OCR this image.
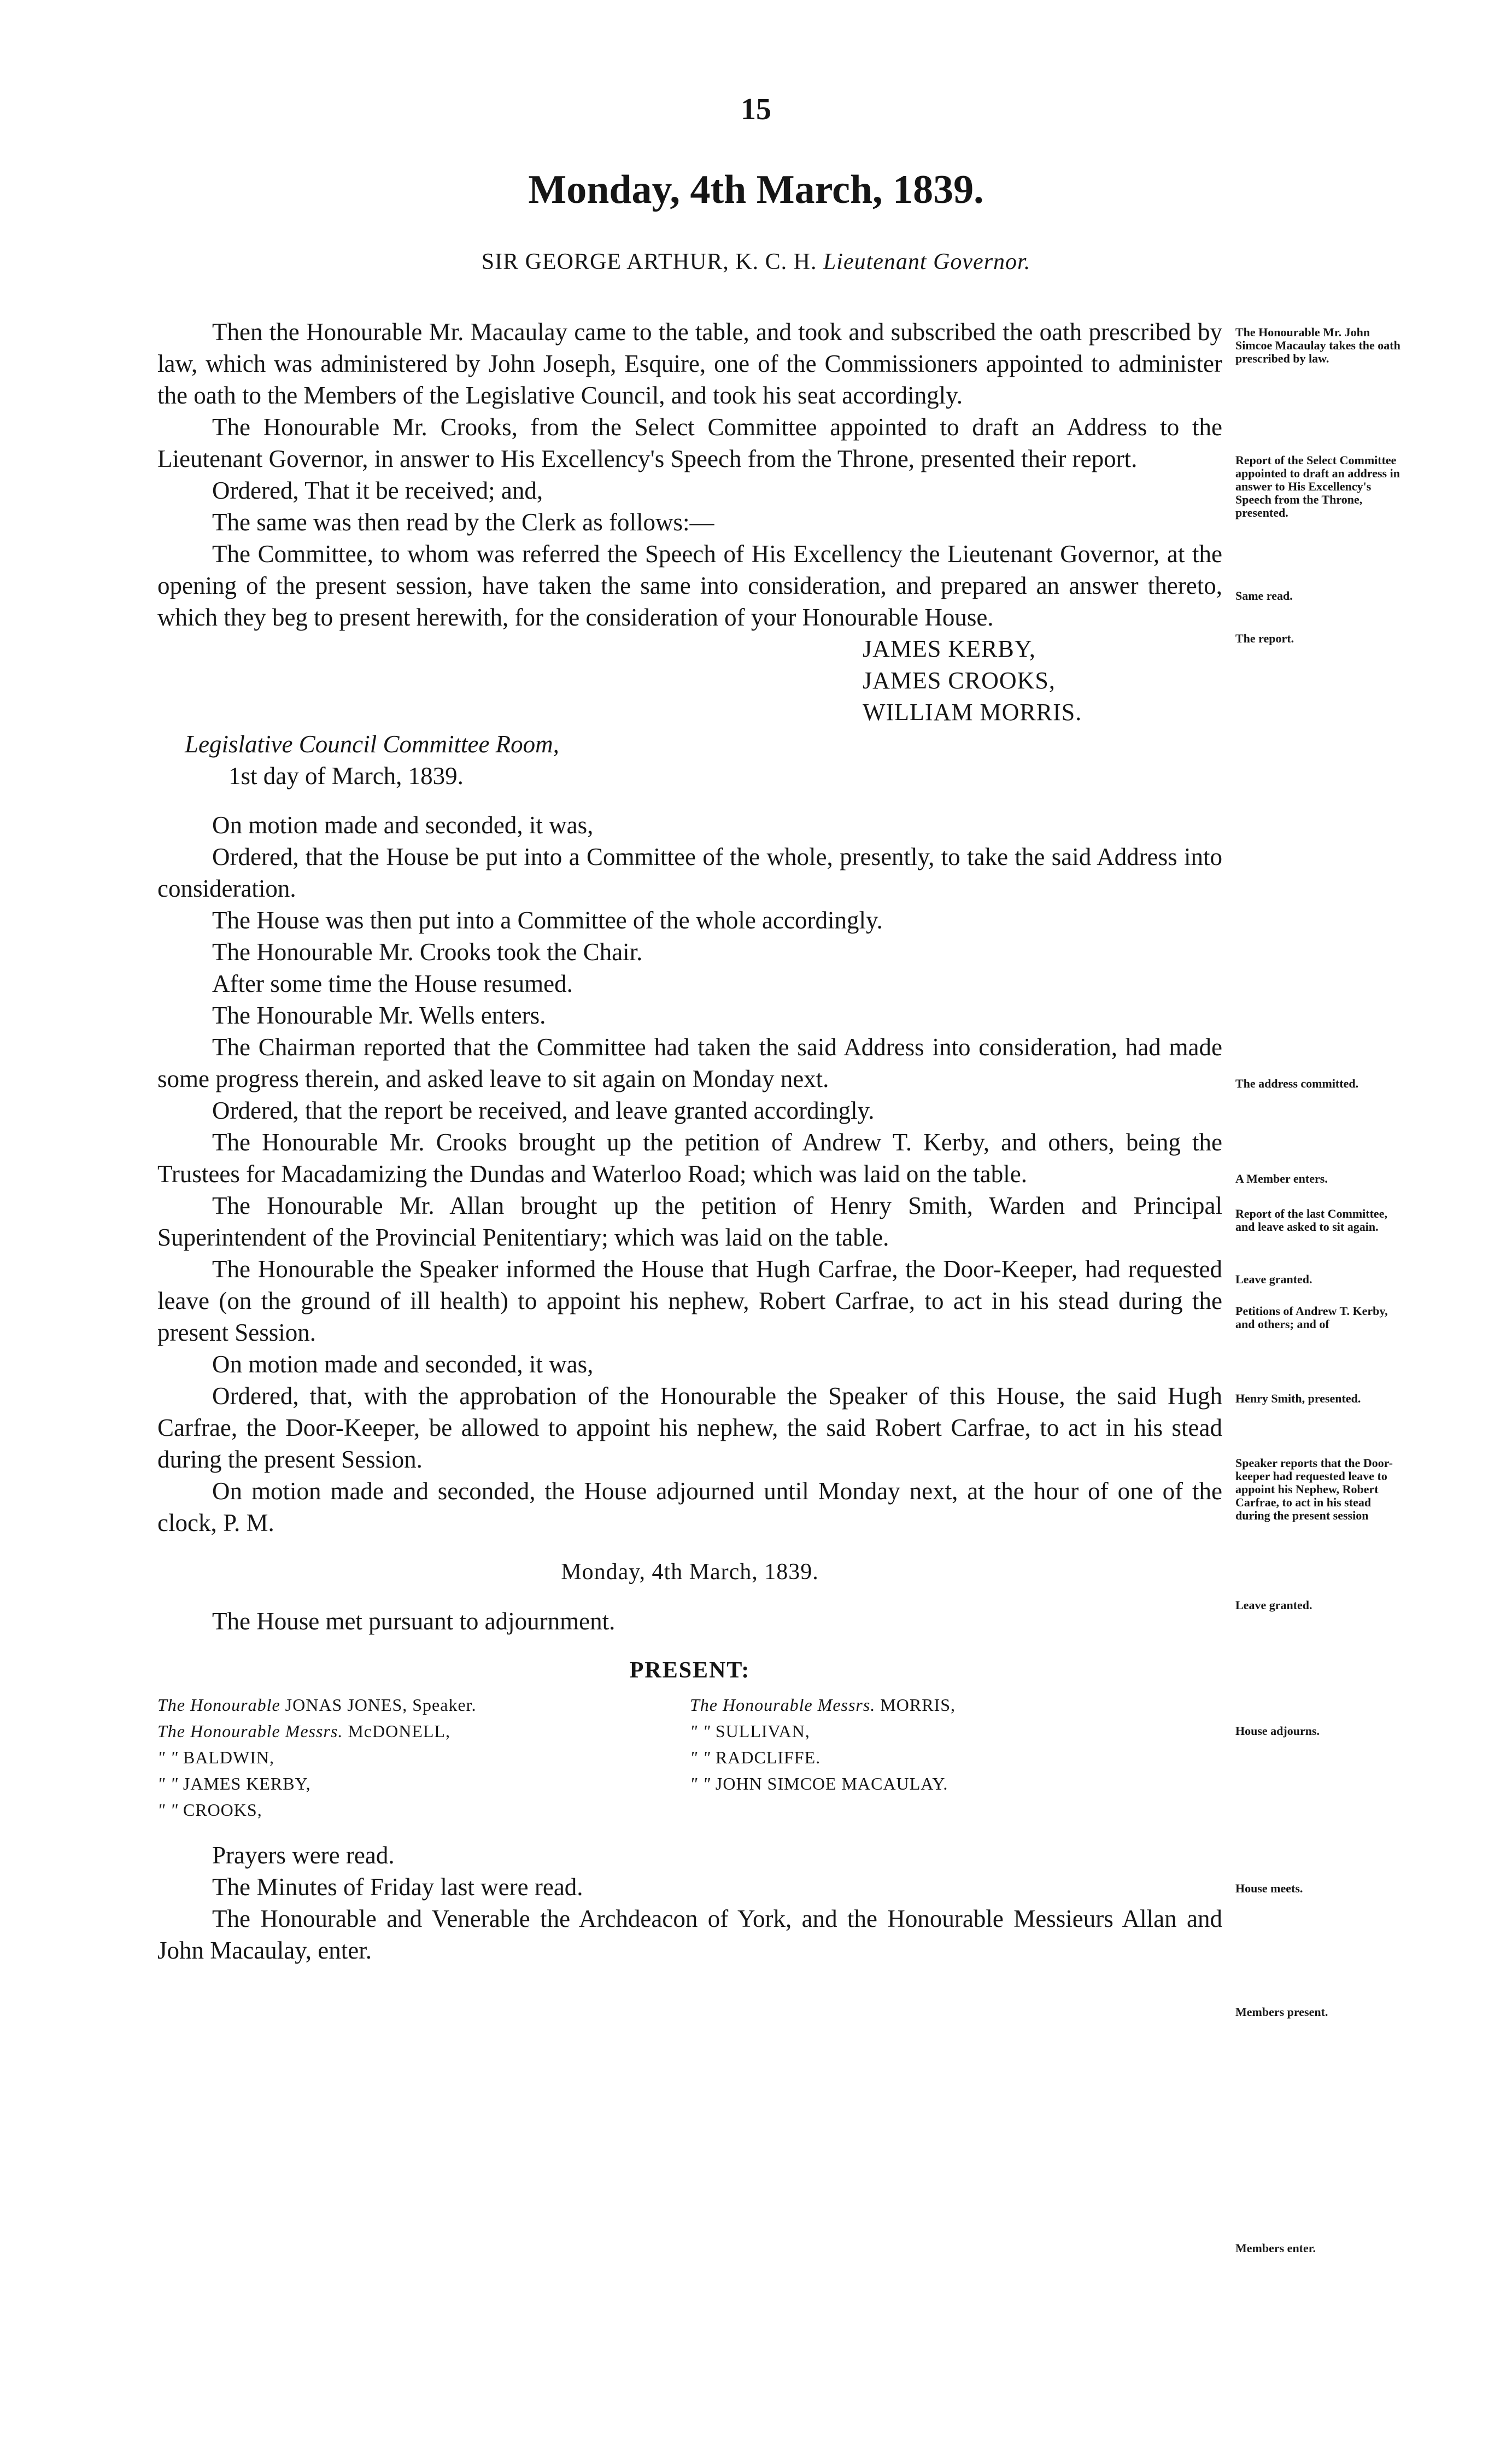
15
Monday, 4th March, 1839.
SIR GEORGE ARTHUR, K. C. H. Lieutenant Governor.

Then the Honourable Mr. Macaulay came to the table, and took and subscribed the oath prescribed by law, which was administered by John Joseph, Esquire, one of the Commissioners appointed to administer the oath to the Members of the Legislative Council, and took his seat accordingly.

The Honourable Mr. Crooks, from the Select Committee appointed to draft an Address to the Lieutenant Governor, in answer to His Excellency's Speech from the Throne, presented their report.

Ordered, That it be received; and,

The same was then read by the Clerk as follows:—

The Committee, to whom was referred the Speech of His Excellency the Lieutenant Governor, at the opening of the present session, have taken the same into consideration, and prepared an answer thereto, which they beg to present herewith, for the consideration of your Honourable House.

JAMES KERBY,
JAMES CROOKS,
WILLIAM MORRIS.
Legislative Council Committee Room,
1st day of March, 1839.

On motion made and seconded, it was,

Ordered, that the House be put into a Committee of the whole, presently, to take the said Address into consideration.

The House was then put into a Committee of the whole accordingly.

The Honourable Mr. Crooks took the Chair.

After some time the House resumed.

The Honourable Mr. Wells enters.

The Chairman reported that the Committee had taken the said Address into consideration, had made some progress therein, and asked leave to sit again on Monday next.

Ordered, that the report be received, and leave granted accordingly.

The Honourable Mr. Crooks brought up the petition of Andrew T. Kerby, and others, being the Trustees for Macadamizing the Dundas and Waterloo Road; which was laid on the table.

The Honourable Mr. Allan brought up the petition of Henry Smith, Warden and Principal Superintendent of the Provincial Penitentiary; which was laid on the table.

The Honourable the Speaker informed the House that Hugh Carfrae, the Door-Keeper, had requested leave (on the ground of ill health) to appoint his nephew, Robert Carfrae, to act in his stead during the present Session.

On motion made and seconded, it was,

Ordered, that, with the approbation of the Honourable the Speaker of this House, the said Hugh Carfrae, the Door-Keeper, be allowed to appoint his nephew, the said Robert Carfrae, to act in his stead during the present Session.

On motion made and seconded, the House adjourned until Monday next, at the hour of one of the clock, P. M.

Monday, 4th March, 1839.

The House met pursuant to adjournment.

PRESENT:
The Honourable JONAS JONES, Speaker.
The Honourable Messrs. McDONELL,
" " BALDWIN,
" " JAMES KERBY,
" " CROOKS,
The Honourable Messrs. MORRIS,
" " SULLIVAN,
" " RADCLIFFE.
" " JOHN SIMCOE MACAULAY.

Prayers were read.

The Minutes of Friday last were read.

The Honourable and Venerable the Archdeacon of York, and the Honourable Messieurs Allan and John Macaulay, enter.

The Honourable Mr. John Simcoe Macaulay takes the oath prescribed by law.
Report of the Select Committee appointed to draft an address in answer to His Excellency's Speech from the Throne, presented.
Same read.
The report.
The address committed.
A Member enters.
Report of the last Committee, and leave asked to sit again.
Leave granted.
Petitions of Andrew T. Kerby, and others; and of
Henry Smith, presented.
Speaker reports that the Door-keeper had requested leave to appoint his Nephew, Robert Carfrae, to act in his stead during the present session
Leave granted.
House adjourns.
House meets.
Members present.
Members enter.
